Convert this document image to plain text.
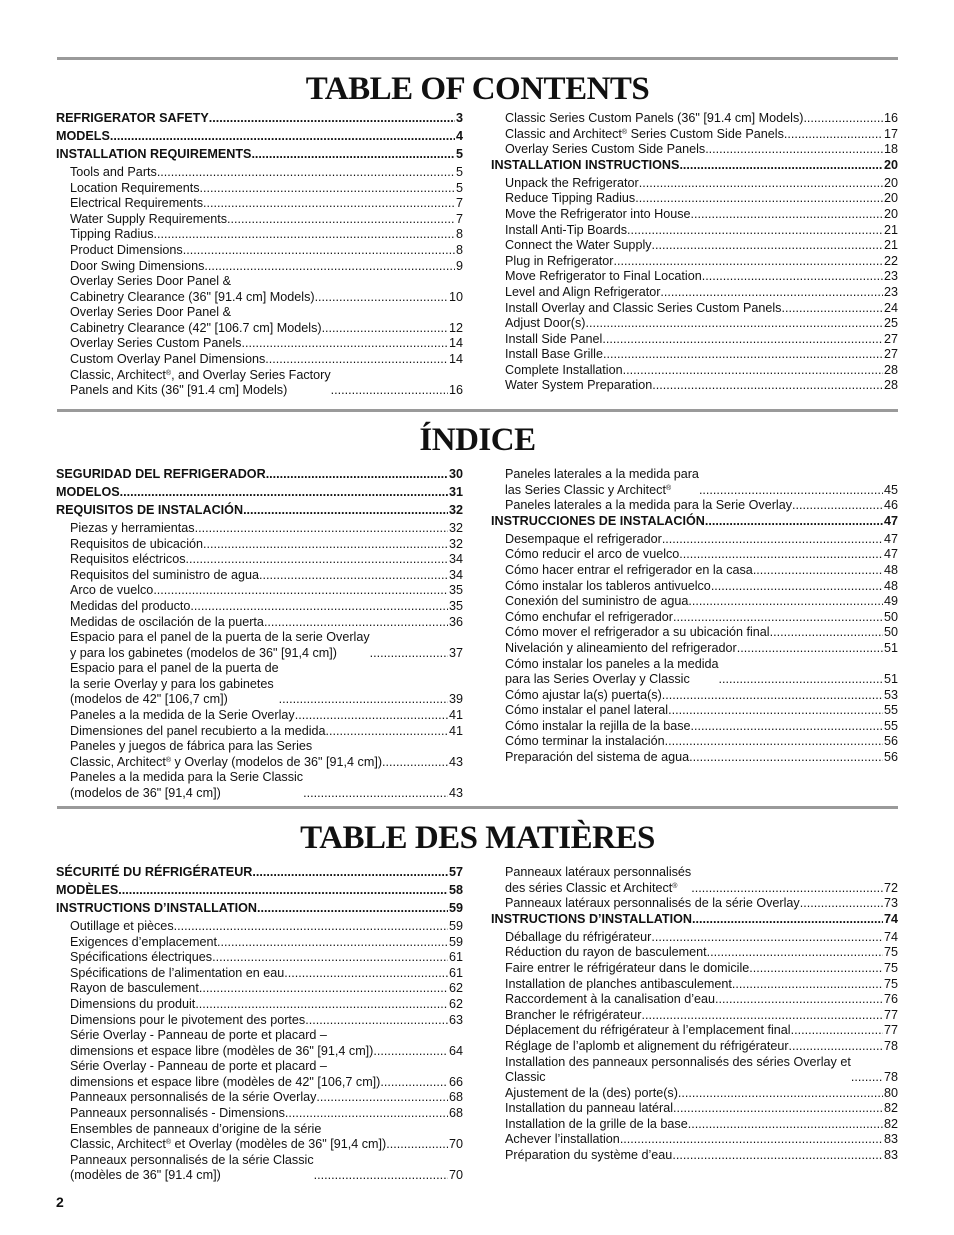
TABLE OF CONTENTS
REFRIGERATOR SAFETY .....	3
MODELS .....	4
INSTALLATION REQUIREMENTS .....	5
Tools and Parts .....	5
Location Requirements .....	5
Electrical Requirements .....	7
Water Supply Requirements .....	7
Tipping Radius .....	8
Product Dimensions .....	8
Door Swing Dimensions .....	9
Overlay Series Door Panel &
Cabinetry Clearance (36" [91.4 cm] Models) .....	10
Overlay Series Door Panel &
Cabinetry Clearance (42" [106.7 cm] Models) .....	12
Overlay Series Custom Panels .....	14
Custom Overlay Panel Dimensions .....	14
Classic, Architect®, and Overlay Series Factory
Panels and Kits (36" [91.4 cm] Models) .....	16
Classic Series Custom Panels (36" [91.4 cm] Models) .....	16
Classic and Architect® Series Custom Side Panels .....	17
Overlay Series Custom Side Panels .....	18
INSTALLATION INSTRUCTIONS .....	20
Unpack the Refrigerator .....	20
Reduce Tipping Radius .....	20
Move the Refrigerator into House .....	20
Install Anti-Tip Boards .....	21
Connect the Water Supply .....	21
Plug in Refrigerator .....	22
Move Refrigerator to Final Location .....	23
Level and Align Refrigerator .....	23
Install Overlay and Classic Series Custom Panels .....	24
Adjust Door(s) .....	25
Install Side Panel .....	27
Install Base Grille .....	27
Complete Installation .....	28
Water System Preparation .....	28
ÍNDICE
SEGURIDAD DEL REFRIGERADOR .....	30
MODELOS .....	31
REQUISITOS DE INSTALACIÓN .....	32
Piezas y herramientas .....	32
Requisitos de ubicación .....	32
Requisitos eléctricos .....	34
Requisitos del suministro de agua .....	34
Arco de vuelco .....	35
Medidas del producto .....	35
Medidas de oscilación de la puerta .....	36
Espacio para el panel de la puerta de la serie Overlay
y para los gabinetes (modelos de 36" [91,4 cm]) .....	37
Espacio para el panel de la puerta de
la serie Overlay y para los gabinetes
(modelos de 42" [106,7 cm]) .....	39
Paneles a la medida de la Serie Overlay .....	41
Dimensiones del panel recubierto a la medida .....	41
Paneles y juegos de fábrica para las Series
Classic, Architect® y Overlay (modelos de 36" [91,4 cm]) .....	43
Paneles a la medida para la Serie Classic
(modelos de 36" [91,4 cm]) .....	43
Paneles laterales a la medida para
las Series Classic y Architect® .....	45
Paneles laterales a la medida para la Serie Overlay .....	46
INSTRUCCIONES DE INSTALACIÓN .....	47
Desempaque el refrigerador .....	47
Cómo reducir el arco de vuelco .....	47
Cómo hacer entrar el refrigerador en la casa .....	48
Cómo instalar los tableros antivuelco .....	48
Conexión del suministro de agua .....	49
Cómo enchufar el refrigerador .....	50
Cómo mover el refrigerador a su ubicación final .....	50
Nivelación y alineamiento del refrigerador .....	51
Cómo instalar los paneles a la medida
para las Series Overlay y Classic .....	51
Cómo ajustar la(s) puerta(s) .....	53
Cómo instalar el panel lateral .....	55
Cómo instalar la rejilla de la base .....	55
Cómo terminar la instalación .....	56
Preparación del sistema de agua .....	56
TABLE DES MATIÈRES
SÉCURITÉ DU RÉFRIGÉRATEUR .....	57
MODÈLES .....	58
INSTRUCTIONS D’INSTALLATION .....	59
Outillage et pièces .....	59
Exigences d’emplacement .....	59
Spécifications électriques .....	61
Spécifications de l’alimentation en eau .....	61
Rayon de basculement .....	62
Dimensions du produit .....	62
Dimensions pour le pivotement des portes .....	63
Série Overlay - Panneau de porte et placard –
dimensions et espace libre (modèles de 36" [91,4 cm]) .....	64
Série Overlay - Panneau de porte et placard –
dimensions et espace libre (modèles de 42" [106,7 cm]) .....	66
Panneaux personnalisés de la série Overlay .....	68
Panneaux personnalisés - Dimensions .....	68
Ensembles de panneaux d’origine de la série
Classic, Architect® et Overlay (modèles de 36" [91,4 cm]) .....	70
Panneaux personnalisés de la série Classic
(modèles de 36" [91.4 cm]) .....	70
Panneaux latéraux personnalisés
des séries Classic et Architect® .....	72
Panneaux latéraux personnalisés de la série Overlay .....	73
INSTRUCTIONS D’INSTALLATION .....	74
Déballage du réfrigérateur .....	74
Réduction du rayon de basculement .....	75
Faire entrer le réfrigérateur dans le domicile .....	75
Installation de planches antibasculement .....	75
Raccordement à la canalisation d’eau .....	76
Brancher le réfrigérateur .....	77
Déplacement du réfrigérateur à l’emplacement final .....	77
Réglage de l’aplomb et alignement du réfrigérateur .....	78
Installation des panneaux personnalisés des séries Overlay et
Classic .....	78
Ajustement de la (des) porte(s) .....	80
Installation du panneau latéral .....	82
Installation de la grille de la base .....	82
Achever l’installation .....	83
Préparation du système d’eau .....	83
2
